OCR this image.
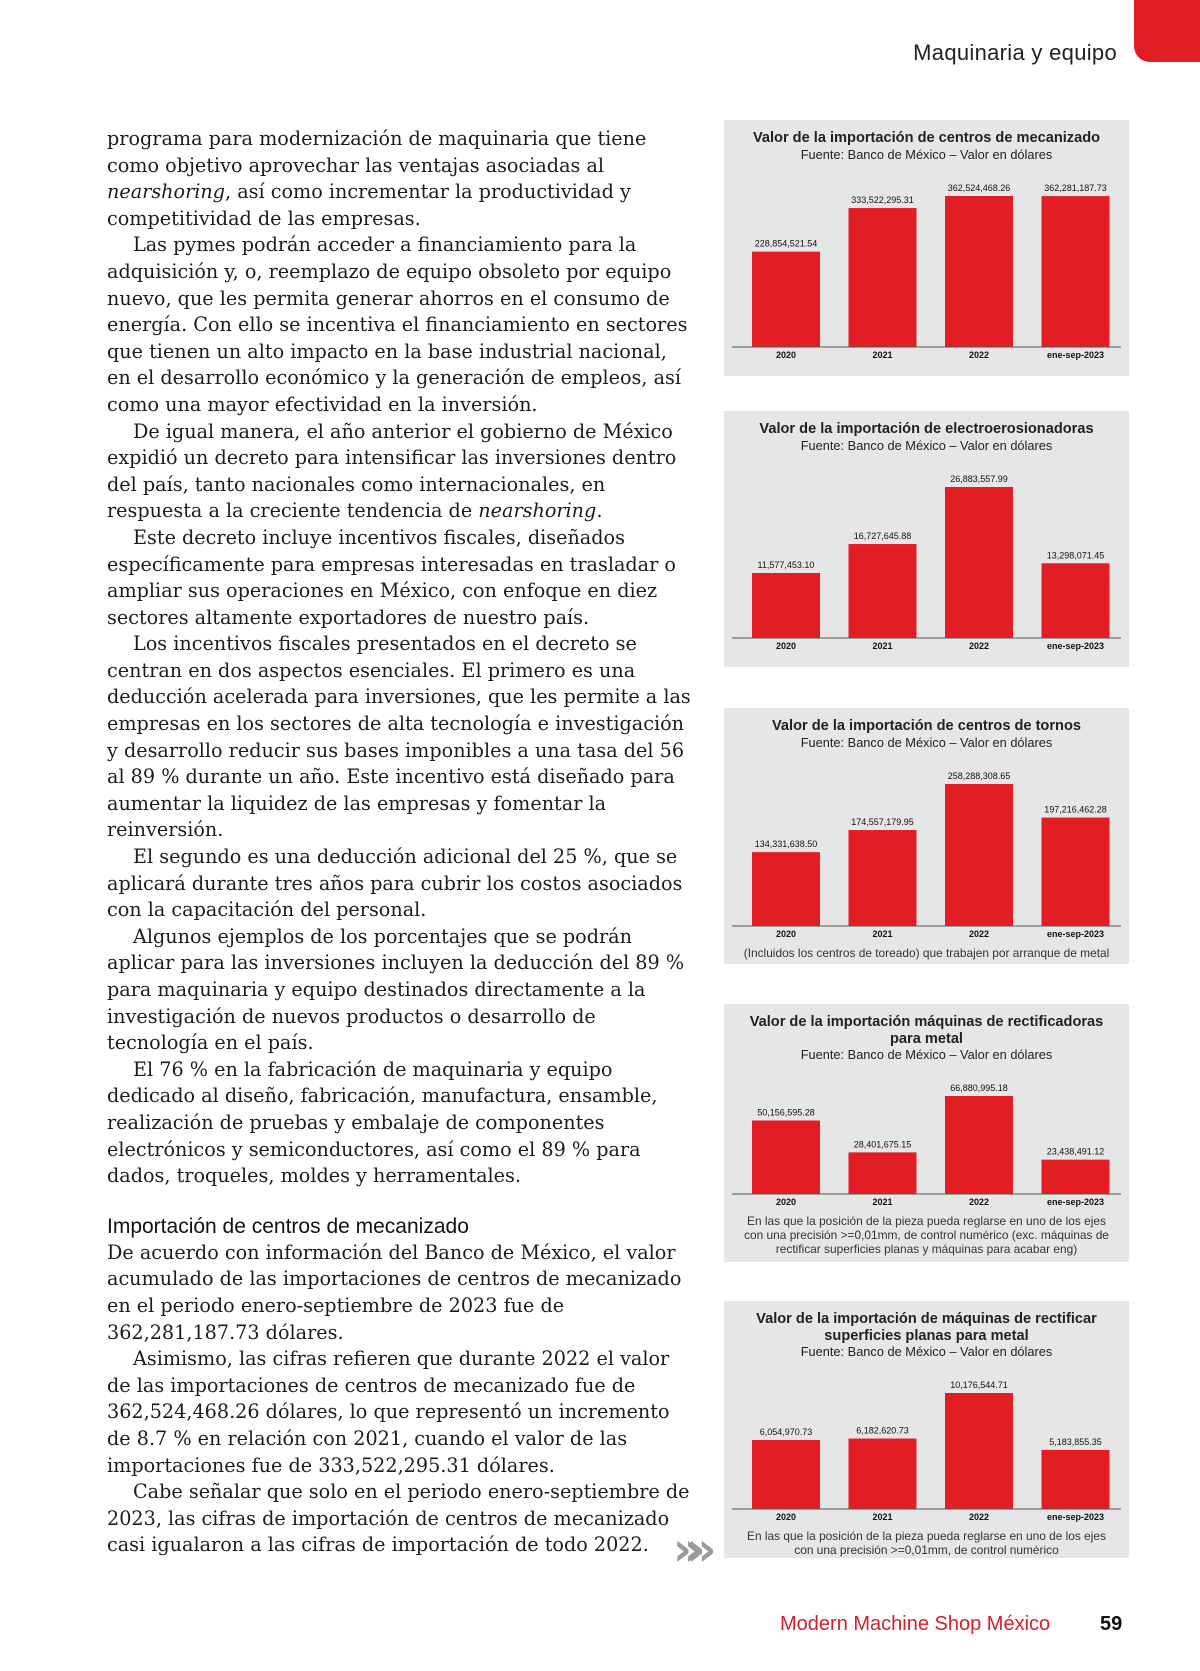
Maquinaria y equipo

programa para modernización de maquinaria que tiene como objetivo aprovechar las ventajas asociadas al nearshoring, así como incrementar la productividad y competitividad de las empresas.

Las pymes podrán acceder a financiamiento para la adquisición y, o, reemplazo de equipo obsoleto por equipo nuevo, que les permita generar ahorros en el consumo de energía. Con ello se incentiva el financiamiento en sectores que tienen un alto impacto en la base industrial nacional, en el desarrollo económico y la generación de empleos, así como una mayor efectividad en la inversión.

De igual manera, el año anterior el gobierno de México expidió un decreto para intensificar las inversiones dentro del país, tanto nacionales como internacionales, en respuesta a la creciente tendencia de nearshoring.

Este decreto incluye incentivos fiscales, diseñados específicamente para empresas interesadas en trasladar o ampliar sus operaciones en México, con enfoque en diez sectores altamente exportadores de nuestro país.

Los incentivos fiscales presentados en el decreto se centran en dos aspectos esenciales. El primero es una deducción acelerada para inversiones, que les permite a las empresas en los sectores de alta tecnología e investigación y desarrollo reducir sus bases imponibles a una tasa del 56 al 89 % durante un año. Este incentivo está diseñado para aumentar la liquidez de las empresas y fomentar la reinversión.

El segundo es una deducción adicional del 25 %, que se aplicará durante tres años para cubrir los costos asociados con la capacitación del personal.

Algunos ejemplos de los porcentajes que se podrán aplicar para las inversiones incluyen la deducción del 89 % para maquinaria y equipo destinados directamente a la investigación de nuevos productos o desarrollo de tecnología en el país.

El 76 % en la fabricación de maquinaria y equipo dedicado al diseño, fabricación, manufactura, ensamble, realización de pruebas y embalaje de componentes electrónicos y semiconductores, así como el 89 % para dados, troqueles, moldes y herramentales.

Importación de centros de mecanizado

De acuerdo con información del Banco de México, el valor acumulado de las importaciones de centros de mecanizado en el periodo enero-septiembre de 2023 fue de 362,281,187.73 dólares.

Asimismo, las cifras refieren que durante 2022 el valor de las importaciones de centros de mecanizado fue de 362,524,468.26 dólares, lo que representó un incremento de 8.7 % en relación con 2021, cuando el valor de las importaciones fue de 333,522,295.31 dólares.

Cabe señalar que solo en el periodo enero-septiembre de 2023, las cifras de importación de centros de mecanizado casi igualaron a las cifras de importación de todo 2022. »»
Valor de la importación de centros de mecanizado
Fuente: Banco de México – Valor en dólares
228,854,521.54
2020
333,522,295.31
2021
362,524,468.26
2022
362,281,187.73
ene-sep-2023
Valor de la importación de electroerosionadoras
Fuente: Banco de México – Valor en dólares
11,577,453.10
2020
16,727,645.88
2021
26,883,557.99
2022
13,298,071.45
ene-sep-2023
Valor de la importación de centros de tornos
Fuente: Banco de México – Valor en dólares
134,331,638.50
2020
174,557,179.95
2021
258,288,308.65
2022
197,216,462.28
ene-sep-2023
(Incluidos los centros de toreado) que trabajen por arranque de metal
Valor de la importación máquinas de rectificadoras para metal
Fuente: Banco de México – Valor en dólares
50,156,595.28
2020
28,401,675.15
2021
66,880,995.18
2022
23,438,491.12
ene-sep-2023
En las que la posición de la pieza pueda reglarse en uno de los ejes con una precisión >=0,01mm, de control numérico (exc. máquinas de rectificar superficies planas y máquinas para acabar eng)
Valor de la importación de máquinas de rectificar superficies planas para metal
Fuente: Banco de México – Valor en dólares
6,054,970.73
2020
6,182,620.73
2021
10,176,544.71
2022
5,183,855.35
ene-sep-2023
En las que la posición de la pieza pueda reglarse en uno de los ejes con una precisión >=0,01mm, de control numérico
Modern Machine Shop México 59
